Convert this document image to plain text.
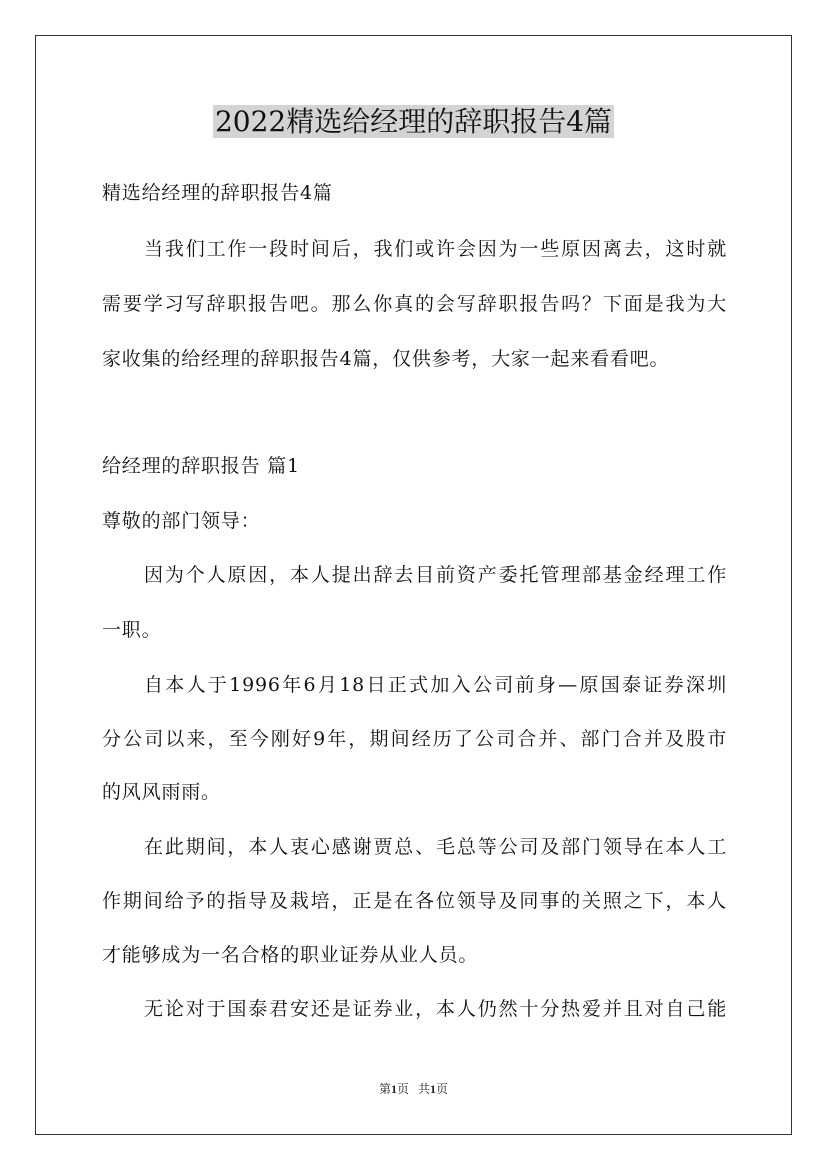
2022精选给经理的辞职报告4篇
精选给经理的辞职报告4篇
当我们工作一段时间后，我们或许会因为一些原因离去，这时就
需要学习写辞职报告吧。那么你真的会写辞职报告吗？下面是我为大
家收集的给经理的辞职报告4篇，仅供参考，大家一起来看看吧。
给经理的辞职报告 篇1
尊敬的部门领导：
因为个人原因，本人提出辞去目前资产委托管理部基金经理工作
一职。
自本人于1996年6月18日正式加入公司前身—原国泰证券深圳
分公司以来，至今刚好9年，期间经历了公司合并、部门合并及股市
的风风雨雨。
在此期间，本人衷心感谢贾总、毛总等公司及部门领导在本人工
作期间给予的指导及栽培，正是在各位领导及同事的关照之下，本人
才能够成为一名合格的职业证券从业人员。
无论对于国泰君安还是证券业，本人仍然十分热爱并且对自己能
第1页 共1页
